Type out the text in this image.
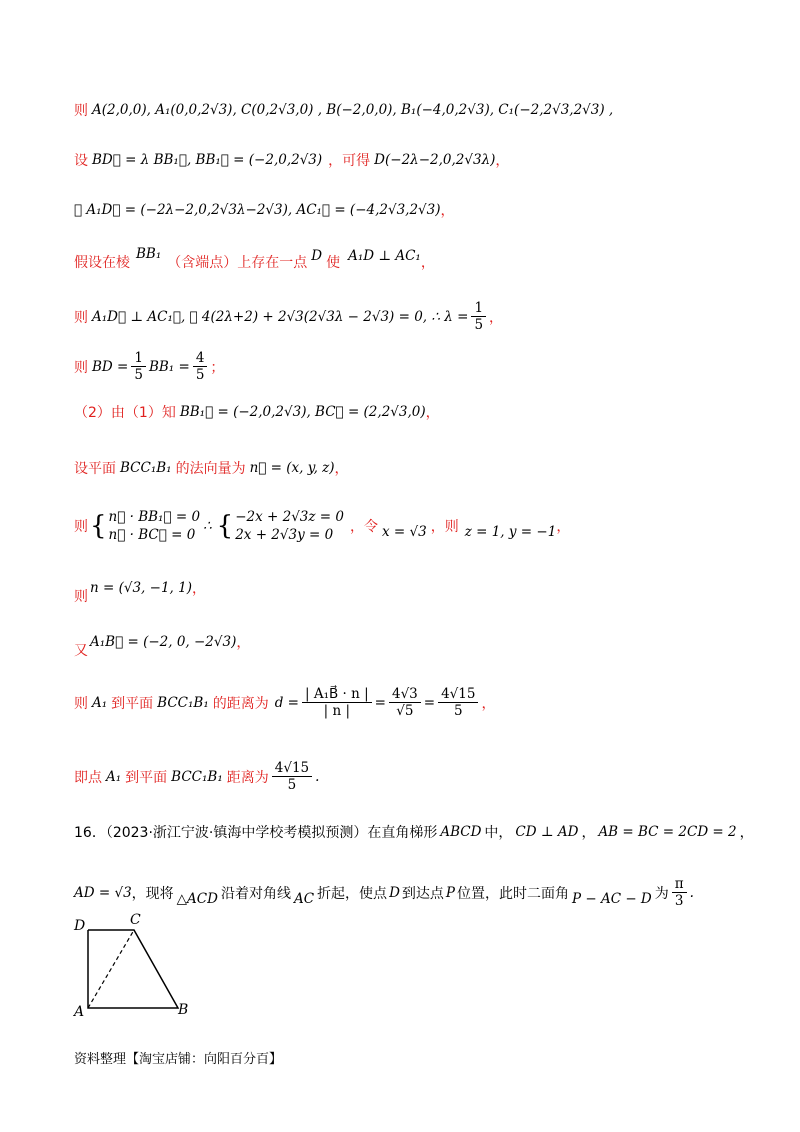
则 A(2,0,0), A₁(0,0,2√3), C(0,2√3,0) , B(−2,0,0), B₁(−4,0,2√3), C₁(−2,2√3,2√3) ,
设 BD⃗ = λ BB₁⃗, BB₁⃗ = (−2,0,2√3) ，可得 D(−2λ−2,0,2√3λ) ，
∴ A₁D⃗ = (−2λ−2,0,2√3λ−2√3), AC₁⃗ = (−4,2√3,2√3) ，
假设在棱
BB₁
（含端点）上存在一点 D 使 A₁D ⊥ AC₁ ，
则 A₁D⃗ ⊥ AC₁⃗, ∴ 4(2λ+2) + 2√3(2√3λ − 2√3) = 0, ∴ $\lambda = \frac{1}{5}$ ，
则 BD = $\frac{1}{5} BB_1 = \frac{4}{5}$ ；
（2）由（1）知 BB₁⃗ = (−2,0,2√3), BC⃗ = (2,2√3,0) ，
设平面 BCC₁B₁ 的法向量为 n⃗ = (x, y, z) ，
则 { n⃗ · BB₁⃗ = 0
n⃗ · BC⃗ = 0
∴ { −2x + 2√3z = 0
2x + 2√3y = 0	，令 x = √3 ，则 z = 1, y = −1 ，
则
n = (√3, −1, 1) ，
又
A₁B⃗ = (−2, 0, −2√3) ，
则 A₁ 到平面 BCC₁B₁ 的距离为 $d = \frac{\text{| A₁B⃗ · n |}}{| n |} = \frac{4√3}{√5} = \frac{4√15}{5}$ ，
即点 A₁ 到平面 BCC₁B₁ 距离为 $\frac{4√15}{5}$ .
16．（2023·浙江宁波·镇海中学校考模拟预测）在直角梯形 ABCD 中， CD ⊥ AD ， AB = BC = 2CD = 2 ，
AD = √3 ，现将 △ACD 沿着对角线 AC 折起，使点 D 到达点 P 位置，此时二面角 P − AC − D 为 $\frac{\pi}{3}$ .
D	C
A	B
资料整理【淘宝店铺：向阳百分百】
